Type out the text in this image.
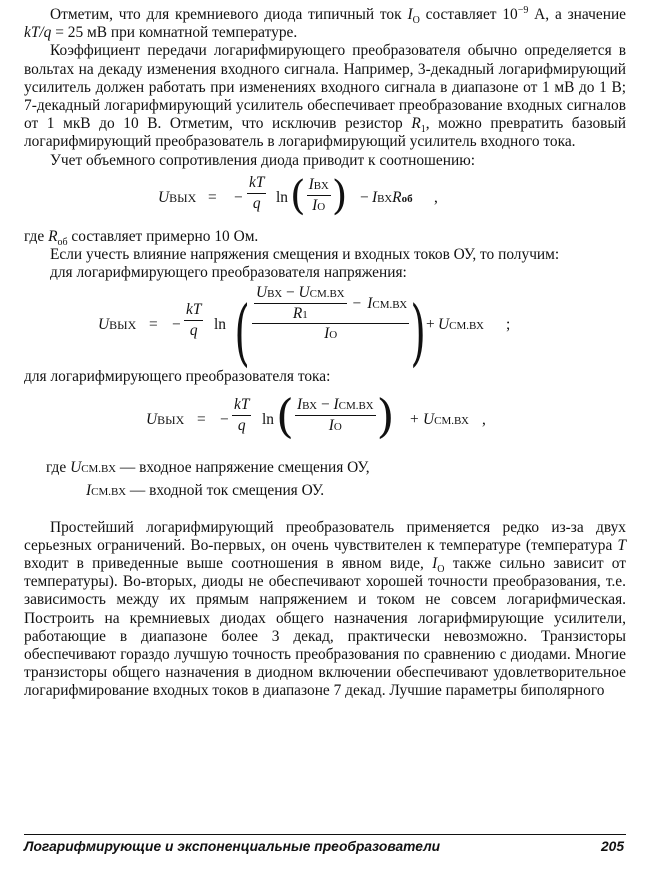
Отметим, что для кремниевого диода типичный ток $I_O$ составляет $10^{-9}$ А, а значение kT/q = 25 мВ при комнатной температуре.

Коэффициент передачи логарифмирующего преобразователя обычно определяется в вольтах на декаду изменения входного сигнала. Например, 3-декадный логарифмирующий усилитель должен работать при изменениях входного сигнала в диапазоне от 1 мВ до 1 В; 7-декадный логарифмирующий усилитель обеспечивает преобразование входных сигналов от 1 мкВ до 10 В. Отметим, что исключив резистор $R_1$, можно превратить базовый логарифмирующий преобразователь в логарифмирующий усилитель входного тока.

Учет объемного сопротивления диода приводит к соотношению:

UВЫХ = − $\frac{kT}{q}$ ln ( $\frac{\text{IВХ}}{IO}$ ) − IВХRоб ,

где $R_{об}$ составляет примерно 10 Ом.

Если учесть влияние напряжения смещения и входных токов ОУ, то получим:

для логарифмирующего преобразователя напряжения:

UВЫХ = − $\frac{kT}{q}$ ln ( $\frac{\frac{\text{UВХ − UСМ.ВХ}}{R1} - IСМ.ВХ}{IO}$ ) + UСМ.ВХ ;

для логарифмирующего преобразователя тока:

UВЫХ = − $\frac{kT}{q}$ ln ( $\frac{\text{IВХ − IСМ.ВХ}}{IO}$ ) + UСМ.ВХ ,

где UСМ.ВХ — входное напряжение смещения ОУ,

IСМ.ВХ — входной ток смещения ОУ.

Простейший логарифмирующий преобразователь применяется редко из-за двух серьезных ограничений. Во-первых, он очень чувствителен к температуре (температура T входит в приведенные выше соотношения в явном виде, $I_O$ также сильно зависит от температуры). Во-вторых, диоды не обеспечивают хорошей точности преобразования, т.е. зависимость между их прямым напряжением и током не совсем логарифмическая. Построить на кремниевых диодах общего назначения логарифмирующие усилители, работающие в диапазоне более 3 декад, практически невозможно. Транзисторы обеспечивают гораздо лучшую точность преобразования по сравнению с диодами. Многие транзисторы общего назначения в диодном включении обеспечивают удовлетворительное логарифмирование входных токов в диапазоне 7 декад. Лучшие параметры биполярного

Логарифмирующие и экспоненциальные преобразователи	205
